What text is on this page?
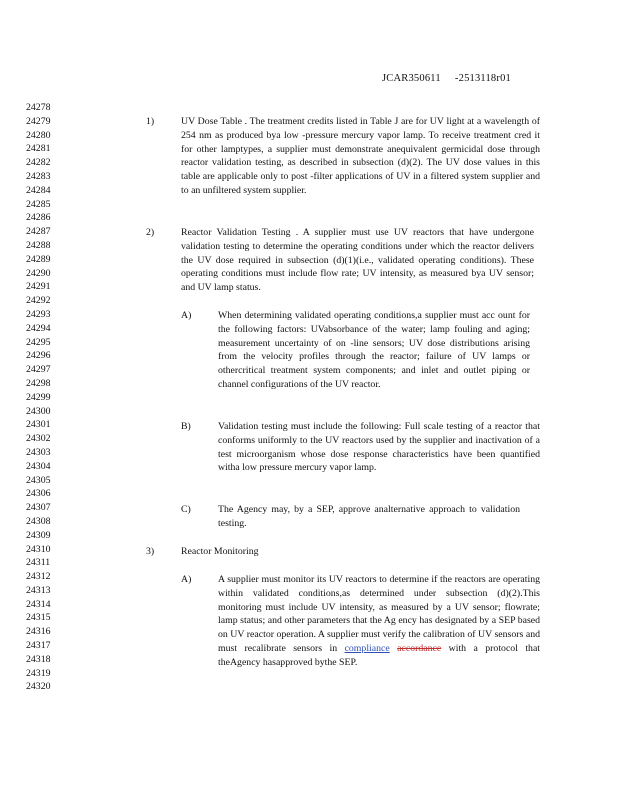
JCAR350611 -2513118r01
24278
24279
24280
24281
24282
24283
24284
24285
24286
24287
24288
24289
24290
24291
24292
24293
24294
24295
24296
24297
24298
24299
24300
24301
24302
24303
24304
24305
24306
24307
24308
24309
24310
24311
24312
24313
24314
24315
24316
24317
24318
24319
24320
1)	UV Dose Table . The treatment credits listed in Table J are for UV light at a wavelength of 254 nm as produced bya low -pressure mercury vapor lamp. To receive treatment cred it for other lamptypes, a supplier must demonstrate anequivalent germicidal dose through reactor validation testing, as described in subsection (d)(2). The UV dose values in this table are applicable only to post -filter applications of UV in a filtered system supplier and to an unfiltered system supplier.
2)	Reactor Validation Testing . A supplier must use UV reactors that have undergone validation testing to determine the operating conditions under which the reactor delivers the UV dose required in subsection (d)(1)(i.e., validated operating conditions). These operating conditions must include flow rate; UV intensity, as measured bya UV sensor; and UV lamp status.
A)	When determining validated operating conditions,a supplier must acc ount for the following factors: UVabsorbance of the water; lamp fouling and aging; measurement uncertainty of on -line sensors; UV dose distributions arising from the velocity profiles through the reactor; failure of UV lamps or othercritical treatment system components; and inlet and outlet piping or channel configurations of the UV reactor.
B)	Validation testing must include the following: Full scale testing of a reactor that conforms uniformly to the UV reactors used by the supplier and inactivation of a test microorganism whose dose response characteristics have been quantified witha low pressure mercury vapor lamp.
C)	The Agency may, by a SEP, approve analternative approach to validation testing.
3)	Reactor Monitoring
A)	A supplier must monitor its UV reactors to determine if the reactors are operating within validated conditions,as determined under subsection (d)(2).This monitoring must include UV intensity, as measured by a UV sensor; flowrate; lamp status; and other parameters that the Ag ency has designated by a SEP based on UV reactor operation. A supplier must verify the calibration of UV sensors and must recalibrate sensors in compliance accordance with a protocol that theAgency hasapproved bythe SEP.
